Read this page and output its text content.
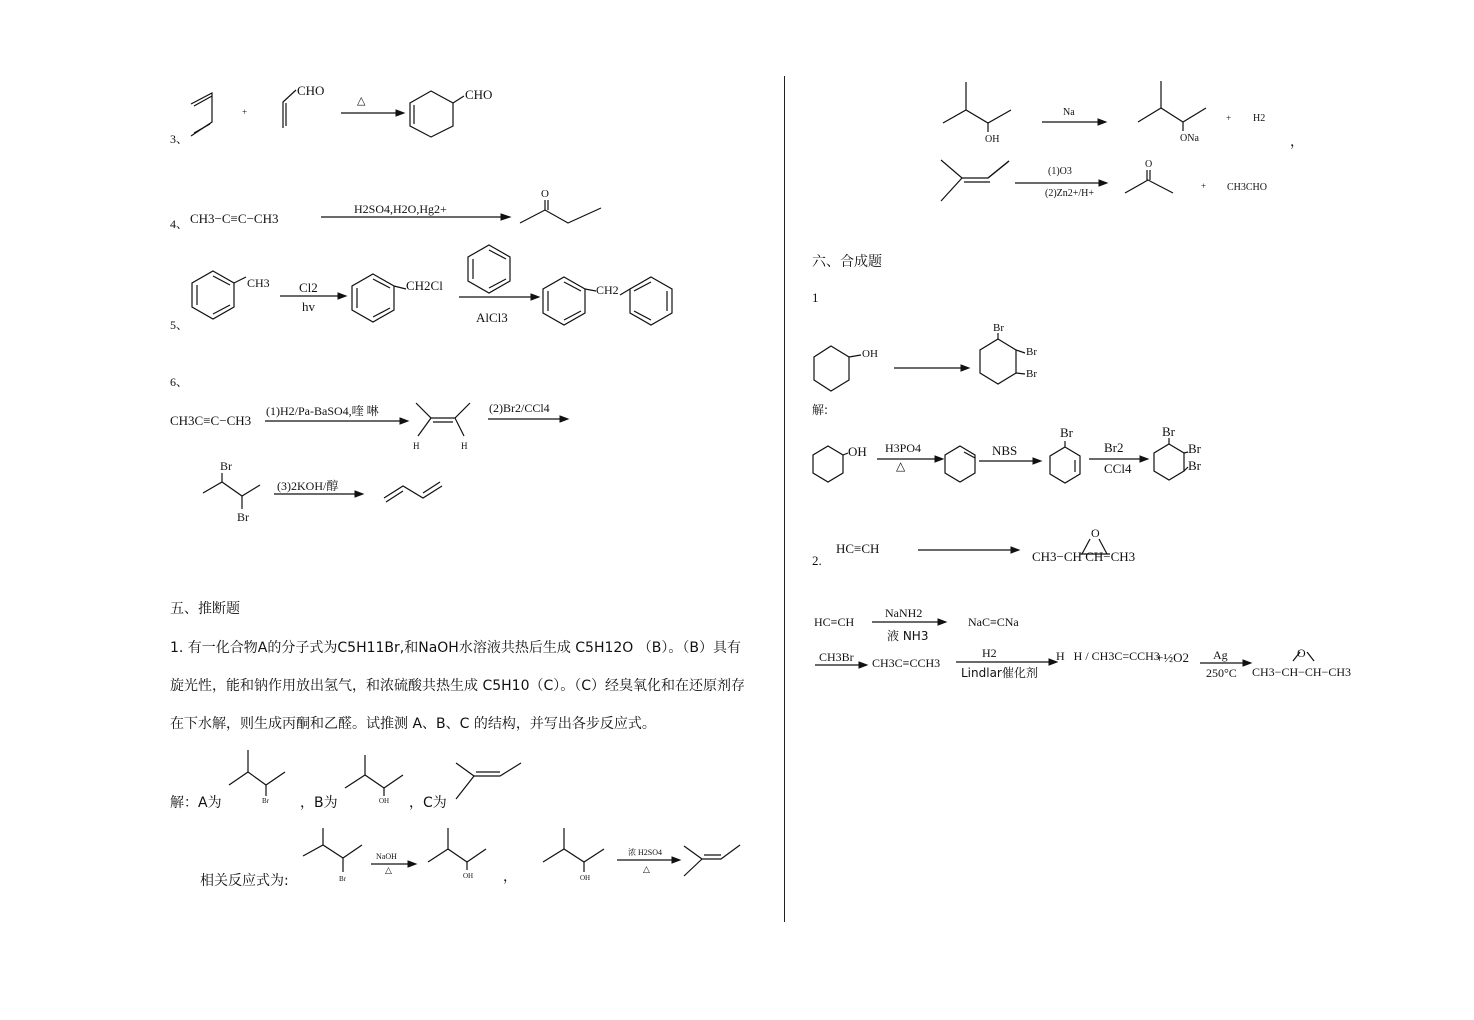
3、
CHO
+
△	CHO
4、 CH3−C≡C−CH3
H2SO4,H2O,Hg2+
O
5、
CH3 Cl2
hv
CH2Cl
AlCl3
CH2
6、
CH3C≡C−CH3
(1)H2/Pa-BaSO4,喹 啉
H	H
(2)Br2/CCl4
Br
Br
(3)2KOH/醇
五、推断题
1. 有一化合物A的分子式为C5H11Br,和NaOH水溶液共热后生成 C5H12O （B）。（B）具有
旋光性，能和钠作用放出氢气，和浓硫酸共热生成 C5H10（C）。（C）经臭氧化和在还原剂存
在下水解，则生成丙酮和乙醛。试推测 A、B、C 的结构，并写出各步反应式。
解：A为	Br ，B为	OH ，C为
相关反应式为:	Br
NaOH
△
OH ，	OH
浓 H2SO4
△
OH
Na
ONa
+ H2
，
(1)O3
(2)Zn2+/H+
O
+ CH3CHO
六、合成题
1
OH
Br
Br
Br
解:
OH H3PO4
△
NBS
Br
Br2
CCl4
Br
Br
Br
2.
HC≡CH
O
CH3−CH CH−CH3
HC≡CH
NaNH2
液 NH3
NaC≡CNa
CH3Br CH3C≡CCH3
H2
Lindlar催化剂
H   H / CH3C=CCH3
+½O2 Ag
250°C
O
CH3−CH−CH−CH3
